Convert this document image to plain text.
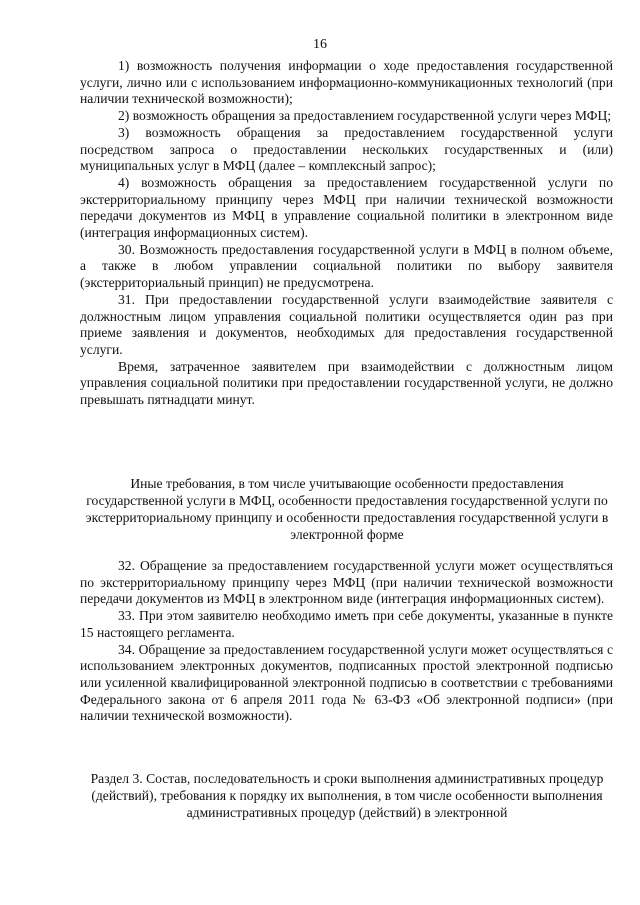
16

1) возможность получения информации о ходе предоставления государственной услуги, лично или с использованием информационно-коммуникационных технологий (при наличии технической возможности);

2) возможность обращения за предоставлением государственной услуги через МФЦ;

3) возможность обращения за предоставлением государственной услуги посредством запроса о предоставлении нескольких государственных и (или) муниципальных услуг в МФЦ (далее – комплексный запрос);

4) возможность обращения за предоставлением государственной услуги по экстерриториальному принципу через МФЦ при наличии технической возможности передачи документов из МФЦ в управление социальной политики в электронном виде (интеграция информационных систем).

30. Возможность предоставления государственной услуги в МФЦ в полном объеме, а также в любом управлении социальной политики по выбору заявителя (экстерриториальный принцип) не предусмотрена.

31. При предоставлении государственной услуги взаимодействие заявителя с должностным лицом управления социальной политики осуществляется один раз при приеме заявления и документов, необходимых для предоставления государственной услуги.

Время, затраченное заявителем при взаимодействии с должностным лицом управления социальной политики при предоставлении государственной услуги, не должно превышать пятнадцати минут.

Иные требования, в том числе учитывающие особенности предоставления государственной услуги в МФЦ, особенности предоставления государственной услуги по экстерриториальному принципу и особенности предоставления государственной услуги в электронной форме

32. Обращение за предоставлением государственной услуги может осуществляться по экстерриториальному принципу через МФЦ (при наличии технической возможности передачи документов из МФЦ в электронном виде (интеграция информационных систем).

33. При этом заявителю необходимо иметь при себе документы, указанные в пункте 15 настоящего регламента.

34. Обращение за предоставлением государственной услуги может осуществляться с использованием электронных документов, подписанных простой электронной подписью или усиленной квалифицированной электронной подписью в соответствии с требованиями Федерального закона от 6 апреля 2011 года № 63-ФЗ «Об электронной подписи» (при наличии технической возможности).

Раздел 3. Состав, последовательность и сроки выполнения административных процедур (действий), требования к порядку их выполнения, в том числе особенности выполнения административных процедур (действий) в электронной
